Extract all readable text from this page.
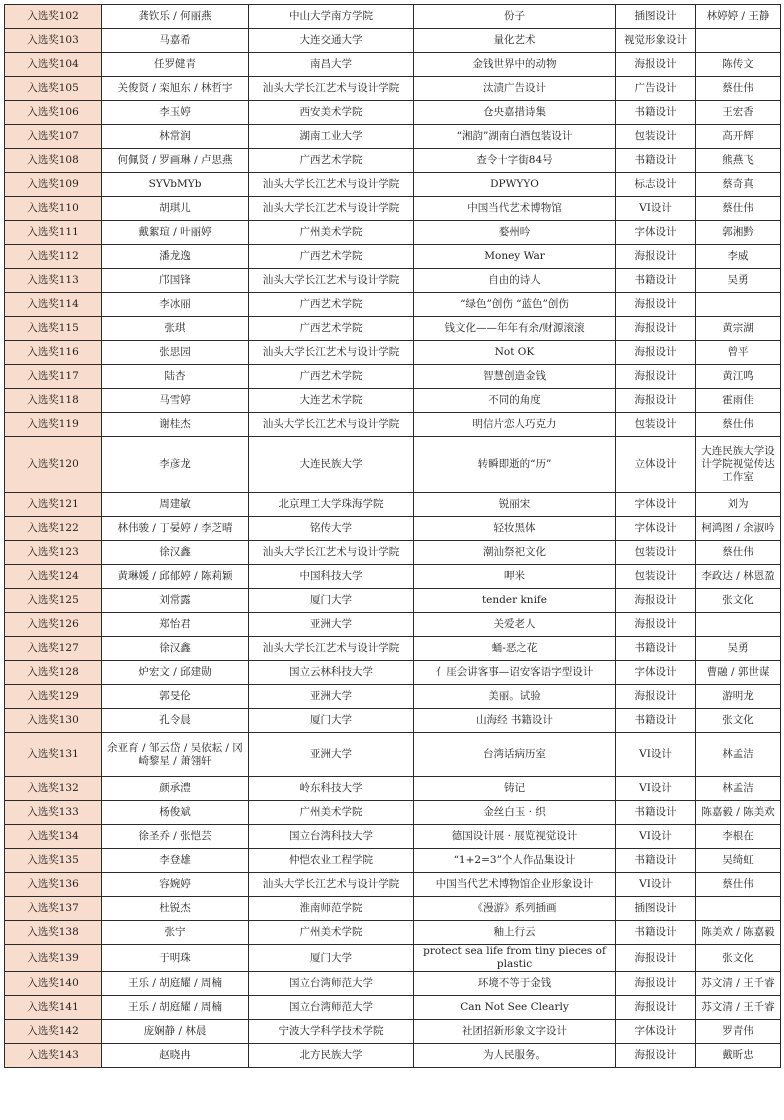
入选奖102	龚钦乐 / 何丽燕	中山大学南方学院	份子	插图设计	林婷婷 / 王静
入选奖103	马嘉希	大连交通大学	量化艺术	视觉形象设计	
入选奖104	任罗健青	南昌大学	金钱世界中的动物	海报设计	陈传文
入选奖105	关俊贤 / 栾旭东 / 林哲宇	汕头大学长江艺术与设计学院	汰渍广告设计	广告设计	蔡仕伟
入选奖106	李玉婷	西安美术学院	仓央嘉措诗集	书籍设计	王宏香
入选奖107	林常润	湖南工业大学	“湘韵”湖南白酒包装设计	包装设计	高开辉
入选奖108	何佩贤 / 罗画琳 / 卢思燕	广西艺术学院	查令十字街84号	书籍设计	熊燕飞
入选奖109	SYVbMYb	汕头大学长江艺术与设计学院	DPWYYO	标志设计	蔡奇真
入选奖110	胡琪儿	汕头大学长江艺术与设计学院	中国当代艺术博物馆	VI设计	蔡仕伟
入选奖111	戴絮瑄 / 叶丽婷	广州美术学院	婺州吟	字体设计	郭湘黔
入选奖112	潘龙逸	广西艺术学院	Money War	海报设计	李威
入选奖113	邝国锋	汕头大学长江艺术与设计学院	自由的诗人	书籍设计	吴勇
入选奖114	李冰丽	广西艺术学院	“绿色”创伤 “蓝色”创伤	海报设计	
入选奖115	张琪	广西艺术学院	钱文化——年年有余/财源滚滚	海报设计	黄宗湖
入选奖116	张思园	汕头大学长江艺术与设计学院	Not OK	海报设计	曾平
入选奖117	陆杏	广西艺术学院	智慧创造金钱	海报设计	黄江鸣
入选奖118	马雪婷	大连艺术学院	不同的角度	海报设计	霍雨佳
入选奖119	谢桂杰	汕头大学长江艺术与设计学院	明信片恋人巧克力	包装设计	蔡仕伟
入选奖120	李彦龙	大连民族大学	转瞬即逝的“历”	立体设计	大连民族大学设计学院视觉传达工作室
入选奖121	周建敏	北京理工大学珠海学院	锐丽宋	字体设计	刘为
入选奖122	林伟骏 / 丁晏婷 / 李芝晴	铭传大学	轻妆黑体	字体设计	柯鸿图 / 余淑吟
入选奖123	徐汉鑫	汕头大学长江艺术与设计学院	潮汕祭祀文化	包装设计	蔡仕伟
入选奖124	黄琳媛 / 邱郁婷 / 陈莉颖	中国科技大学	呷米	包装设计	李政达 / 林恩盈
入选奖125	刘常露	厦门大学	tender knife	海报设计	张文化
入选奖126	郑怡君	亚洲大学	关爱老人	海报设计	
入选奖127	徐汉鑫	汕头大学长江艺术与设计学院	蛹-恶之花	书籍设计	吴勇
入选奖128	炉宏文 / 邱建勋	国立云林科技大学	亻厓会讲客事—诏安客语字型设计	字体设计	曹融 / 郭世谋
入选奖129	郭旻伦	亚洲大学	美丽。试验	海报设计	游明龙
入选奖130	孔令晨	厦门大学	山海经 书籍设计	书籍设计	张文化
入选奖131	余亚育 / 邹云岱 / 吴依耘 / 冈崎黎星 / 萧翎轩	亚洲大学	台湾话病历室	VI设计	林孟洁
入选奖132	颜承澧	岭东科技大学	铸记	VI设计	林孟洁
入选奖133	杨俊斌	广州美术学院	金丝白玉 · 织	书籍设计	陈嘉毅 / 陈美欢
入选奖134	徐圣乔 / 张恺芸	国立台湾科技大学	德国设计展 · 展览视觉设计	VI设计	李根在
入选奖135	李登雄	仲恺农业工程学院	“1+2=3”个人作品集设计	书籍设计	吴绮虹
入选奖136	容婉婷	汕头大学长江艺术与设计学院	中国当代艺术博物馆企业形象设计	VI设计	蔡仕伟
入选奖137	杜锐杰	淮南师范学院	《漫游》系列插画	插图设计	
入选奖138	张宁	广州美术学院	釉上行云	书籍设计	陈美欢 / 陈嘉毅
入选奖139	于明珠	厦门大学	protect sea life from tiny pieces of plastic	海报设计	张文化
入选奖140	王乐 / 胡庭耀 / 周楠	国立台湾师范大学	环境不等于金钱	海报设计	苏文清 / 王千睿
入选奖141	王乐 / 胡庭耀 / 周楠	国立台湾师范大学	Can Not See Clearly	海报设计	苏文清 / 王千睿
入选奖142	庞娴静 / 林晨	宁波大学科学技术学院	社团招新形象文字设计	字体设计	罗青伟
入选奖143	赵晓冉	北方民族大学	为人民服务。	海报设计	戴昕忠
